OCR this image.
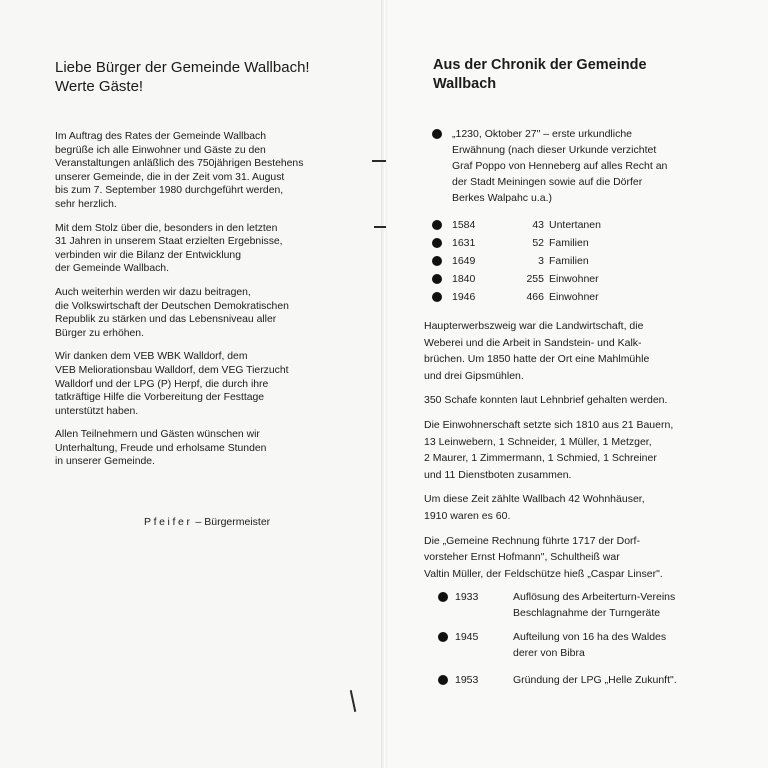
Liebe Bürger der Gemeinde Wallbach!
Werte Gäste!

Im Auftrag des Rates der Gemeinde Wallbach
begrüße ich alle Einwohner und Gäste zu den
Veranstaltungen anläßlich des 750jährigen Bestehens
unserer Gemeinde, die in der Zeit vom 31. August
bis zum 7. September 1980 durchgeführt werden,
sehr herzlich.

Mit dem Stolz über die, besonders in den letzten
31 Jahren in unserem Staat erzielten Ergebnisse,
verbinden wir die Bilanz der Entwicklung
der Gemeinde Wallbach.

Auch weiterhin werden wir dazu beitragen,
die Volkswirtschaft der Deutschen Demokratischen
Republik zu stärken und das Lebensniveau aller
Bürger zu erhöhen.

Wir danken dem VEB WBK Walldorf, dem
VEB Meliorationsbau Walldorf, dem VEG Tierzucht
Walldorf und der LPG (P) Herpf, die durch ihre
tatkräftige Hilfe die Vorbereitung der Festtage
unterstützt haben.

Allen Teilnehmern und Gästen wünschen wir
Unterhaltung, Freude und erholsame Stunden
in unserer Gemeinde.

Pfeifer – Bürgermeister
Aus der Chronik der Gemeinde
Wallbach
„1230, Oktober 27" – erste urkundliche
Erwähnung (nach dieser Urkunde verzichtet
Graf Poppo von Henneberg auf alles Recht an
der Stadt Meiningen sowie auf die Dörfer
Berkes Walpahc u.a.)
1584	43 Untertanen
1631	52 Familien
1649	3 Familien
1840	255 Einwohner
1946	466 Einwohner

Haupterwerbszweig war die Landwirtschaft, die
Weberei und die Arbeit in Sandstein- und Kalk-
brüchen. Um 1850 hatte der Ort eine Mahlmühle
und drei Gipsmühlen.

350 Schafe konnten laut Lehnbrief gehalten werden.

Die Einwohnerschaft setzte sich 1810 aus 21 Bauern,
13 Leinwebern, 1 Schneider, 1 Müller, 1 Metzger,
2 Maurer, 1 Zimmermann, 1 Schmied, 1 Schreiner
und 11 Dienstboten zusammen.

Um diese Zeit zählte Wallbach 42 Wohnhäuser,
1910 waren es 60.

Die „Gemeine Rechnung führte 1717 der Dorf-
vorsteher Ernst Hofmann", Schultheiß war
Valtin Müller, der Feldschütze hieß „Caspar Linser".

1933	Auflösung des Arbeiterturn-Vereins
Beschlagnahme der Turngeräte
1945	Aufteilung von 16 ha des Waldes
derer von Bibra
1953	Gründung der LPG „Helle Zukunft".
